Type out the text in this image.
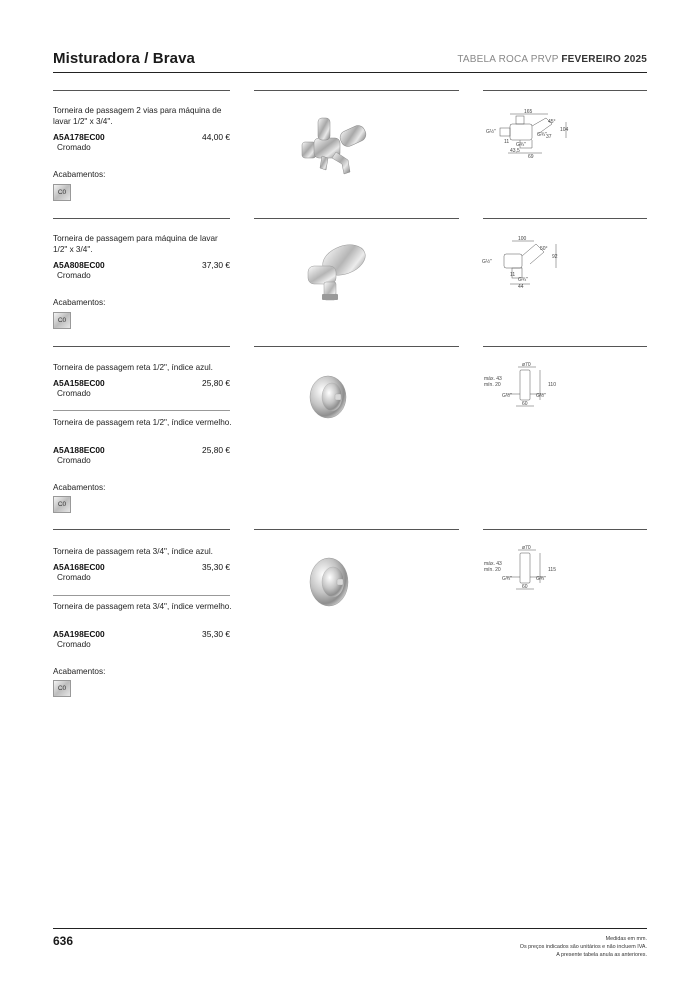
Misturadora / Brava	TABELA ROCA PRVP FEVEREIRO 2025
Torneira de passagem 2 vias para máquina de lavar 1/2" x 3/4".
A5A178EC00	44,00 €
Cromado
Acabamentos:
C0
165
45°
104
37
G¾"
G¾"
G½"
11
43,5
69
Torneira de passagem para máquina de lavar 1/2" x 3/4".
A5A808EC00	37,30 €
Cromado
Acabamentos:
C0
100
50°
92
11
G¾"
44
G½"
Torneira de passagem reta 1/2", índice azul.
A5A158EC00	25,80 €
Cromado
Torneira de passagem reta 1/2", índice vermelho.
A5A188EC00	25,80 €
Cromado
Acabamentos:
C0
ø70
máx. 43
mín. 20	110
G½"	G½"
60
Torneira de passagem reta 3/4", índice azul.
A5A168EC00	35,30 €
Cromado
Torneira de passagem reta 3/4", índice vermelho.
A5A198EC00	35,30 €
Cromado
Acabamentos:
C0
ø70
máx. 43
mín. 20	115
G¾"	G¾"
60
636	Medidas em mm.
Os preços indicados são unitários e não incluem IVA.
A presente tabela anula as anteriores.
